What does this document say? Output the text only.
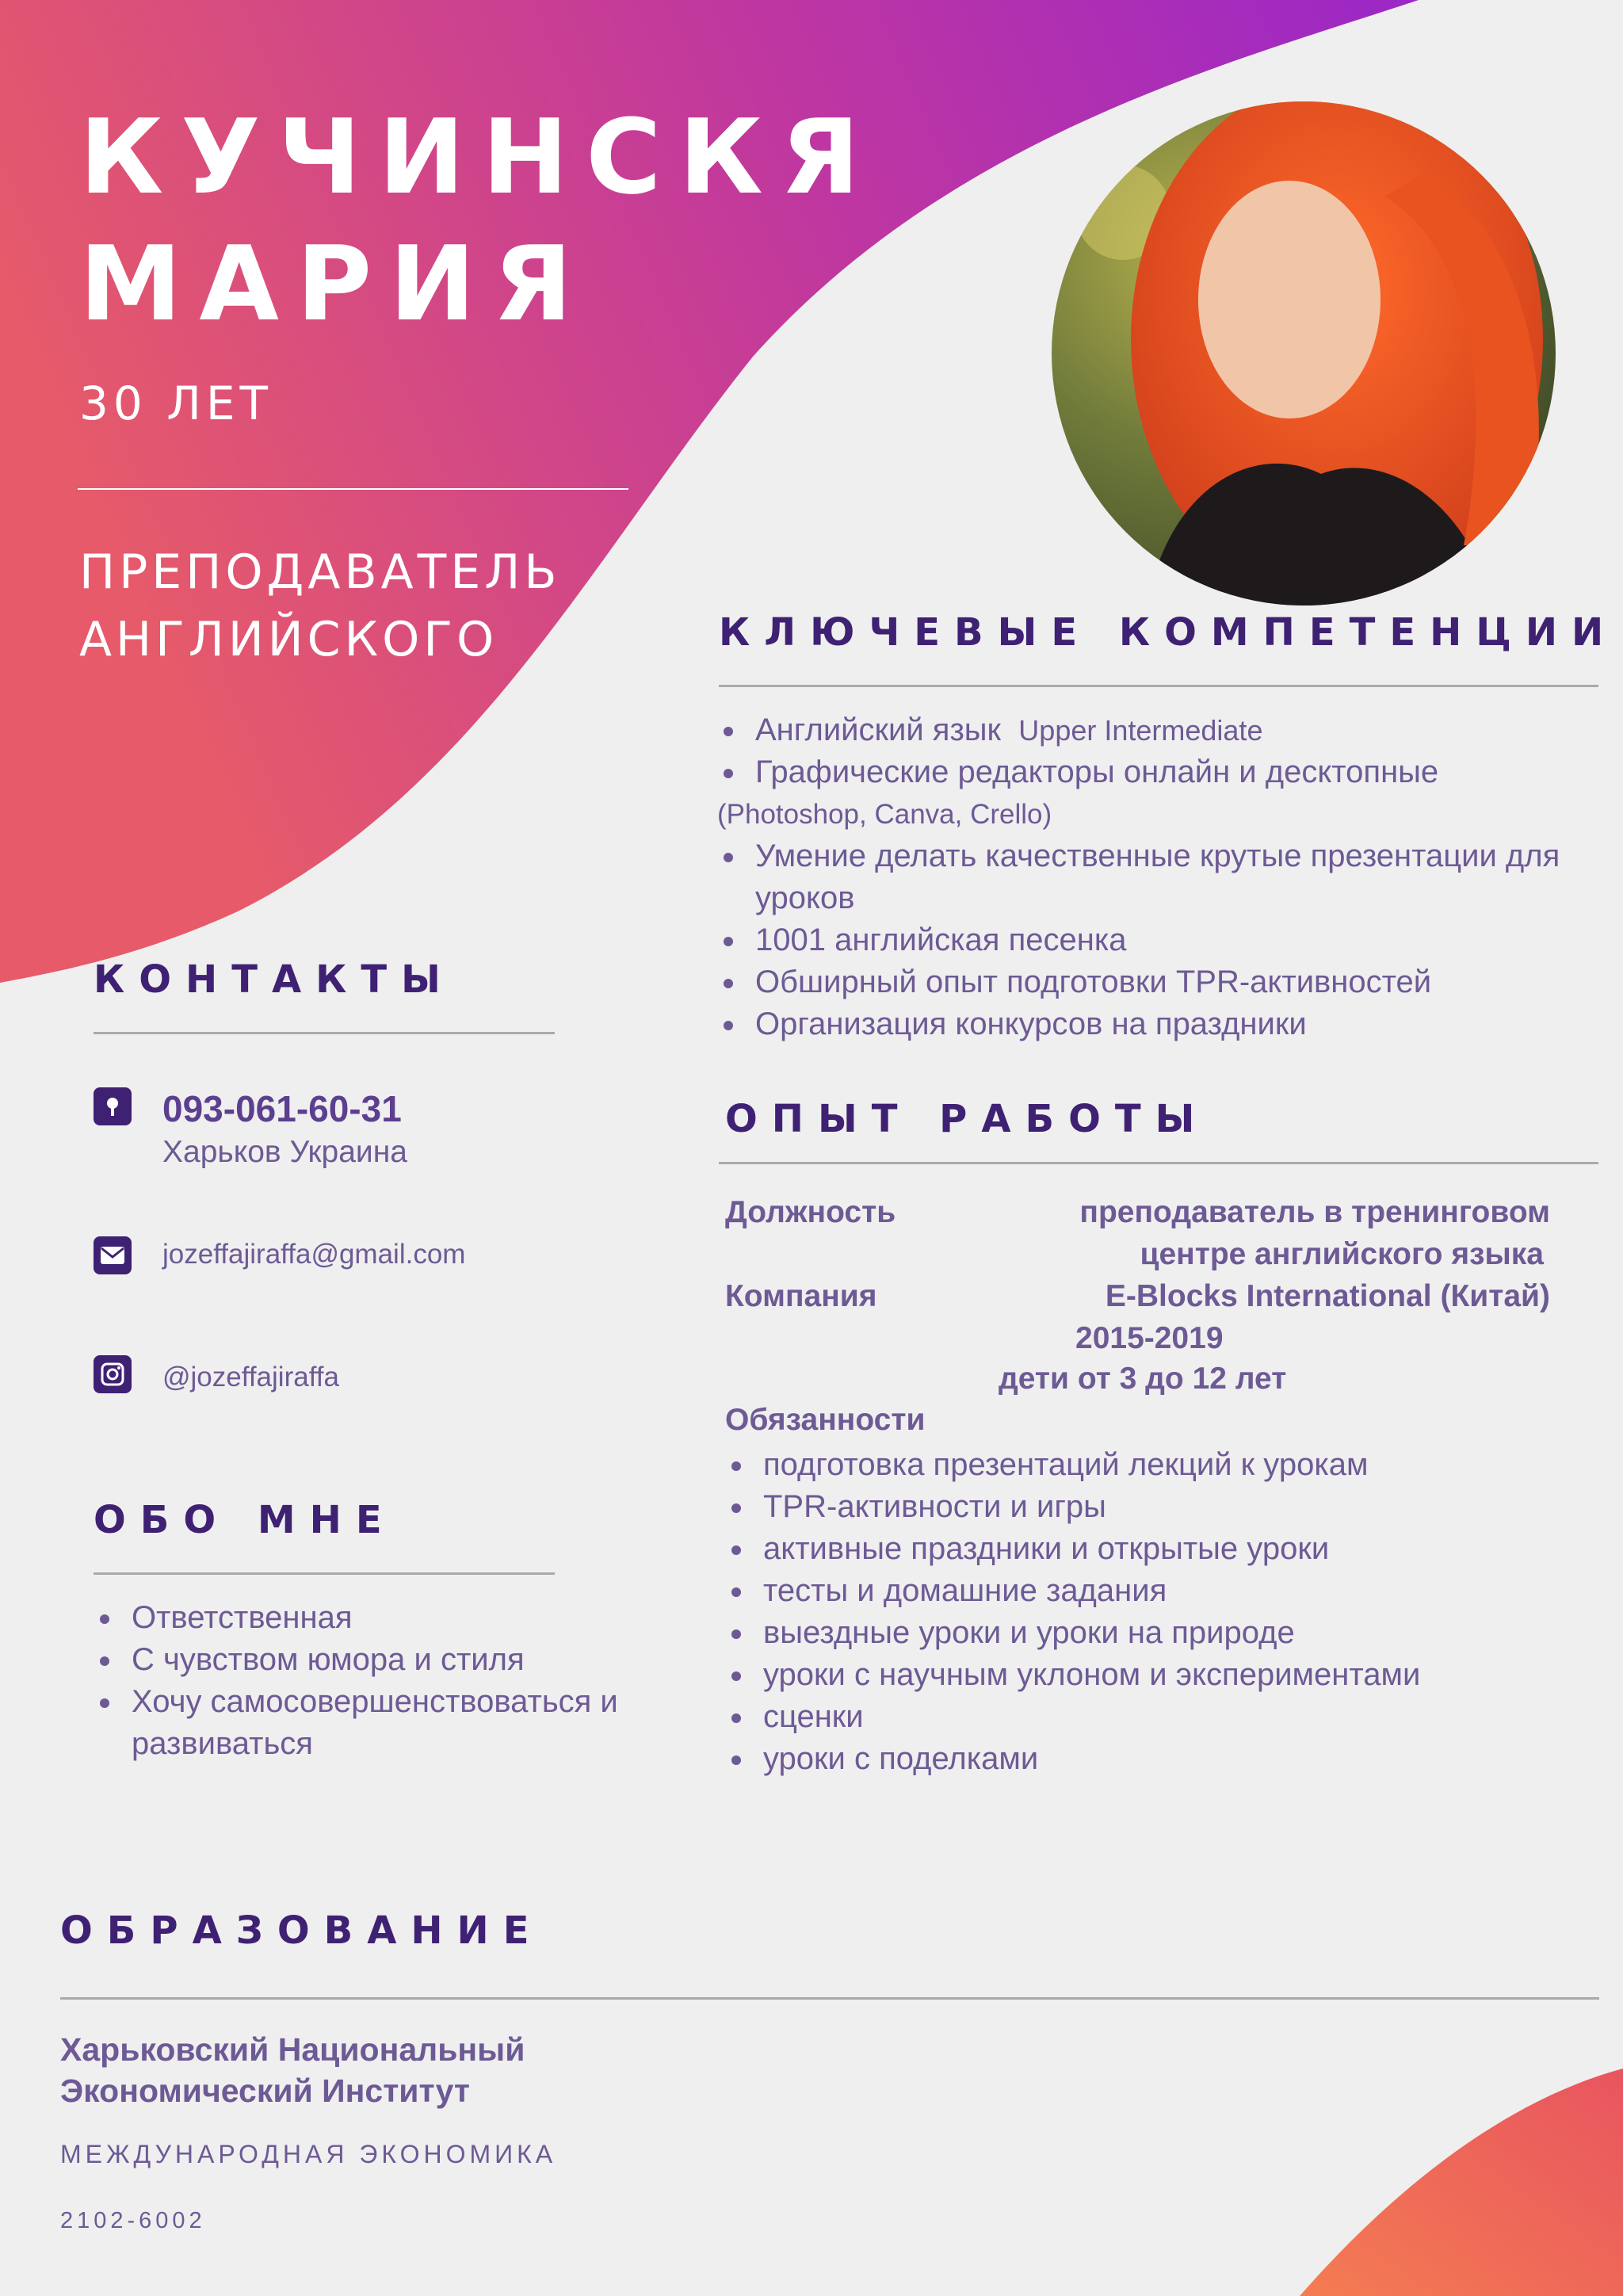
КУЧИНСКЯ
МАРИЯ
30 ЛЕТ
ПРЕПОДАВАТЕЛЬ
АНГЛИЙСКОГО	КЛЮЧЕВЫЕ КОМПЕТЕНЦИИ
Английский язык Upper Intermediate
Графические редакторы онлайн и десктопные
(Photoshop, Canva, Crello)
Умение делать качественные крутые презентации для уроков
1001 английская песенка
Обширный опыт подготовки TPR-активностей
Организация конкурсов на праздники
КОНТАКТЫ
093-061-60-31
Харьков Украина
jozeffajiraffa@gmail.com
@jozeffajiraffa
ОПЫТ РАБОТЫ
Должность	преподаватель в тренинговом
центре английского языка
Компания	E-Blocks International (Китай)
2015-2019
дети от 3 до 12 лет
Обязанности
подготовка презентаций лекций к урокам
TPR-активности и игры
активные праздники и открытые уроки
тесты и домашние задания
выездные уроки и уроки на природе
уроки с научным уклоном и экспериментами
сценки
уроки с поделками
ОБО МНЕ
Ответственная
С чувством юмора и стиля
Хочу самосовершенствоваться и развиваться
ОБРАЗОВАНИЕ
Харьковский Национальный
Экономический Институт
МЕЖДУНАРОДНАЯ ЭКОНОМИКА
2102-6002
